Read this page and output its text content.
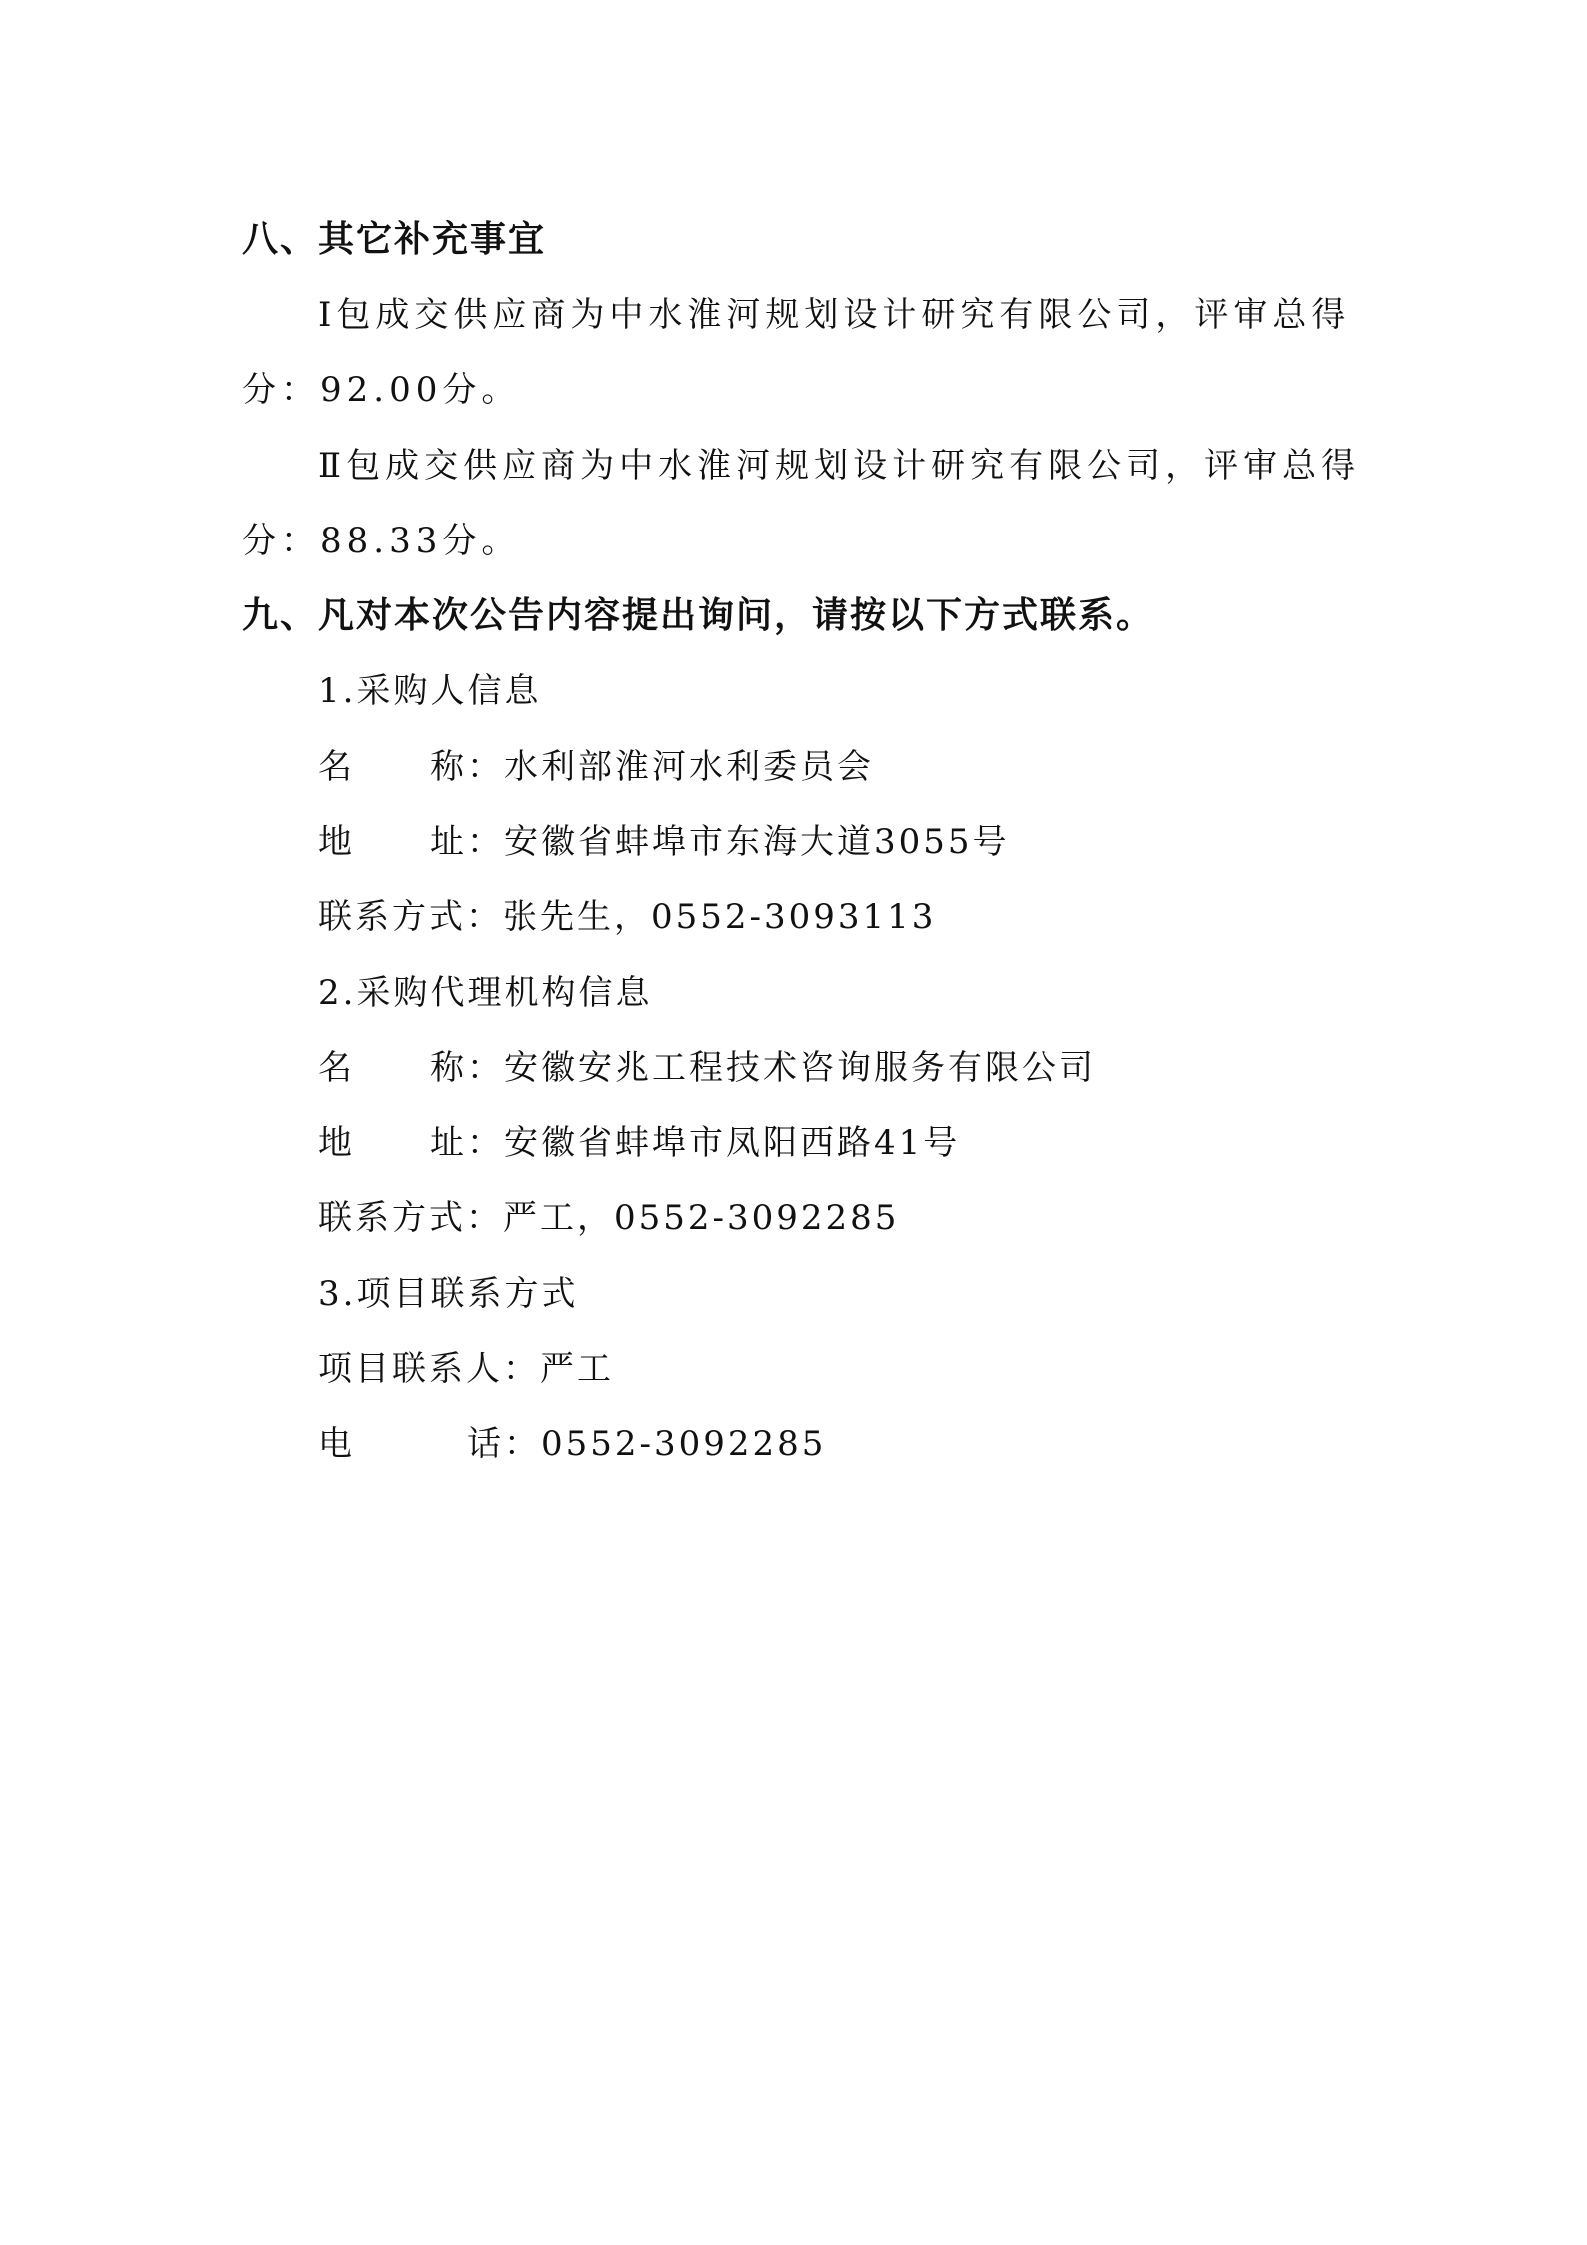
八、其它补充事宜
Ⅰ包成交供应商为中水淮河规划设计研究有限公司，评审总得
分：92.00分。
Ⅱ包成交供应商为中水淮河规划设计研究有限公司，评审总得
分：88.33分。
九、凡对本次公告内容提出询问，请按以下方式联系。
1.采购人信息
名 称：水利部淮河水利委员会
地 址：安徽省蚌埠市东海大道3055号
联系方式：张先生，0552-3093113
2.采购代理机构信息
名 称：安徽安兆工程技术咨询服务有限公司
地 址：安徽省蚌埠市凤阳西路41号
联系方式：严工，0552-3092285
3.项目联系方式
项目联系人：严工
电	话：0552-3092285
